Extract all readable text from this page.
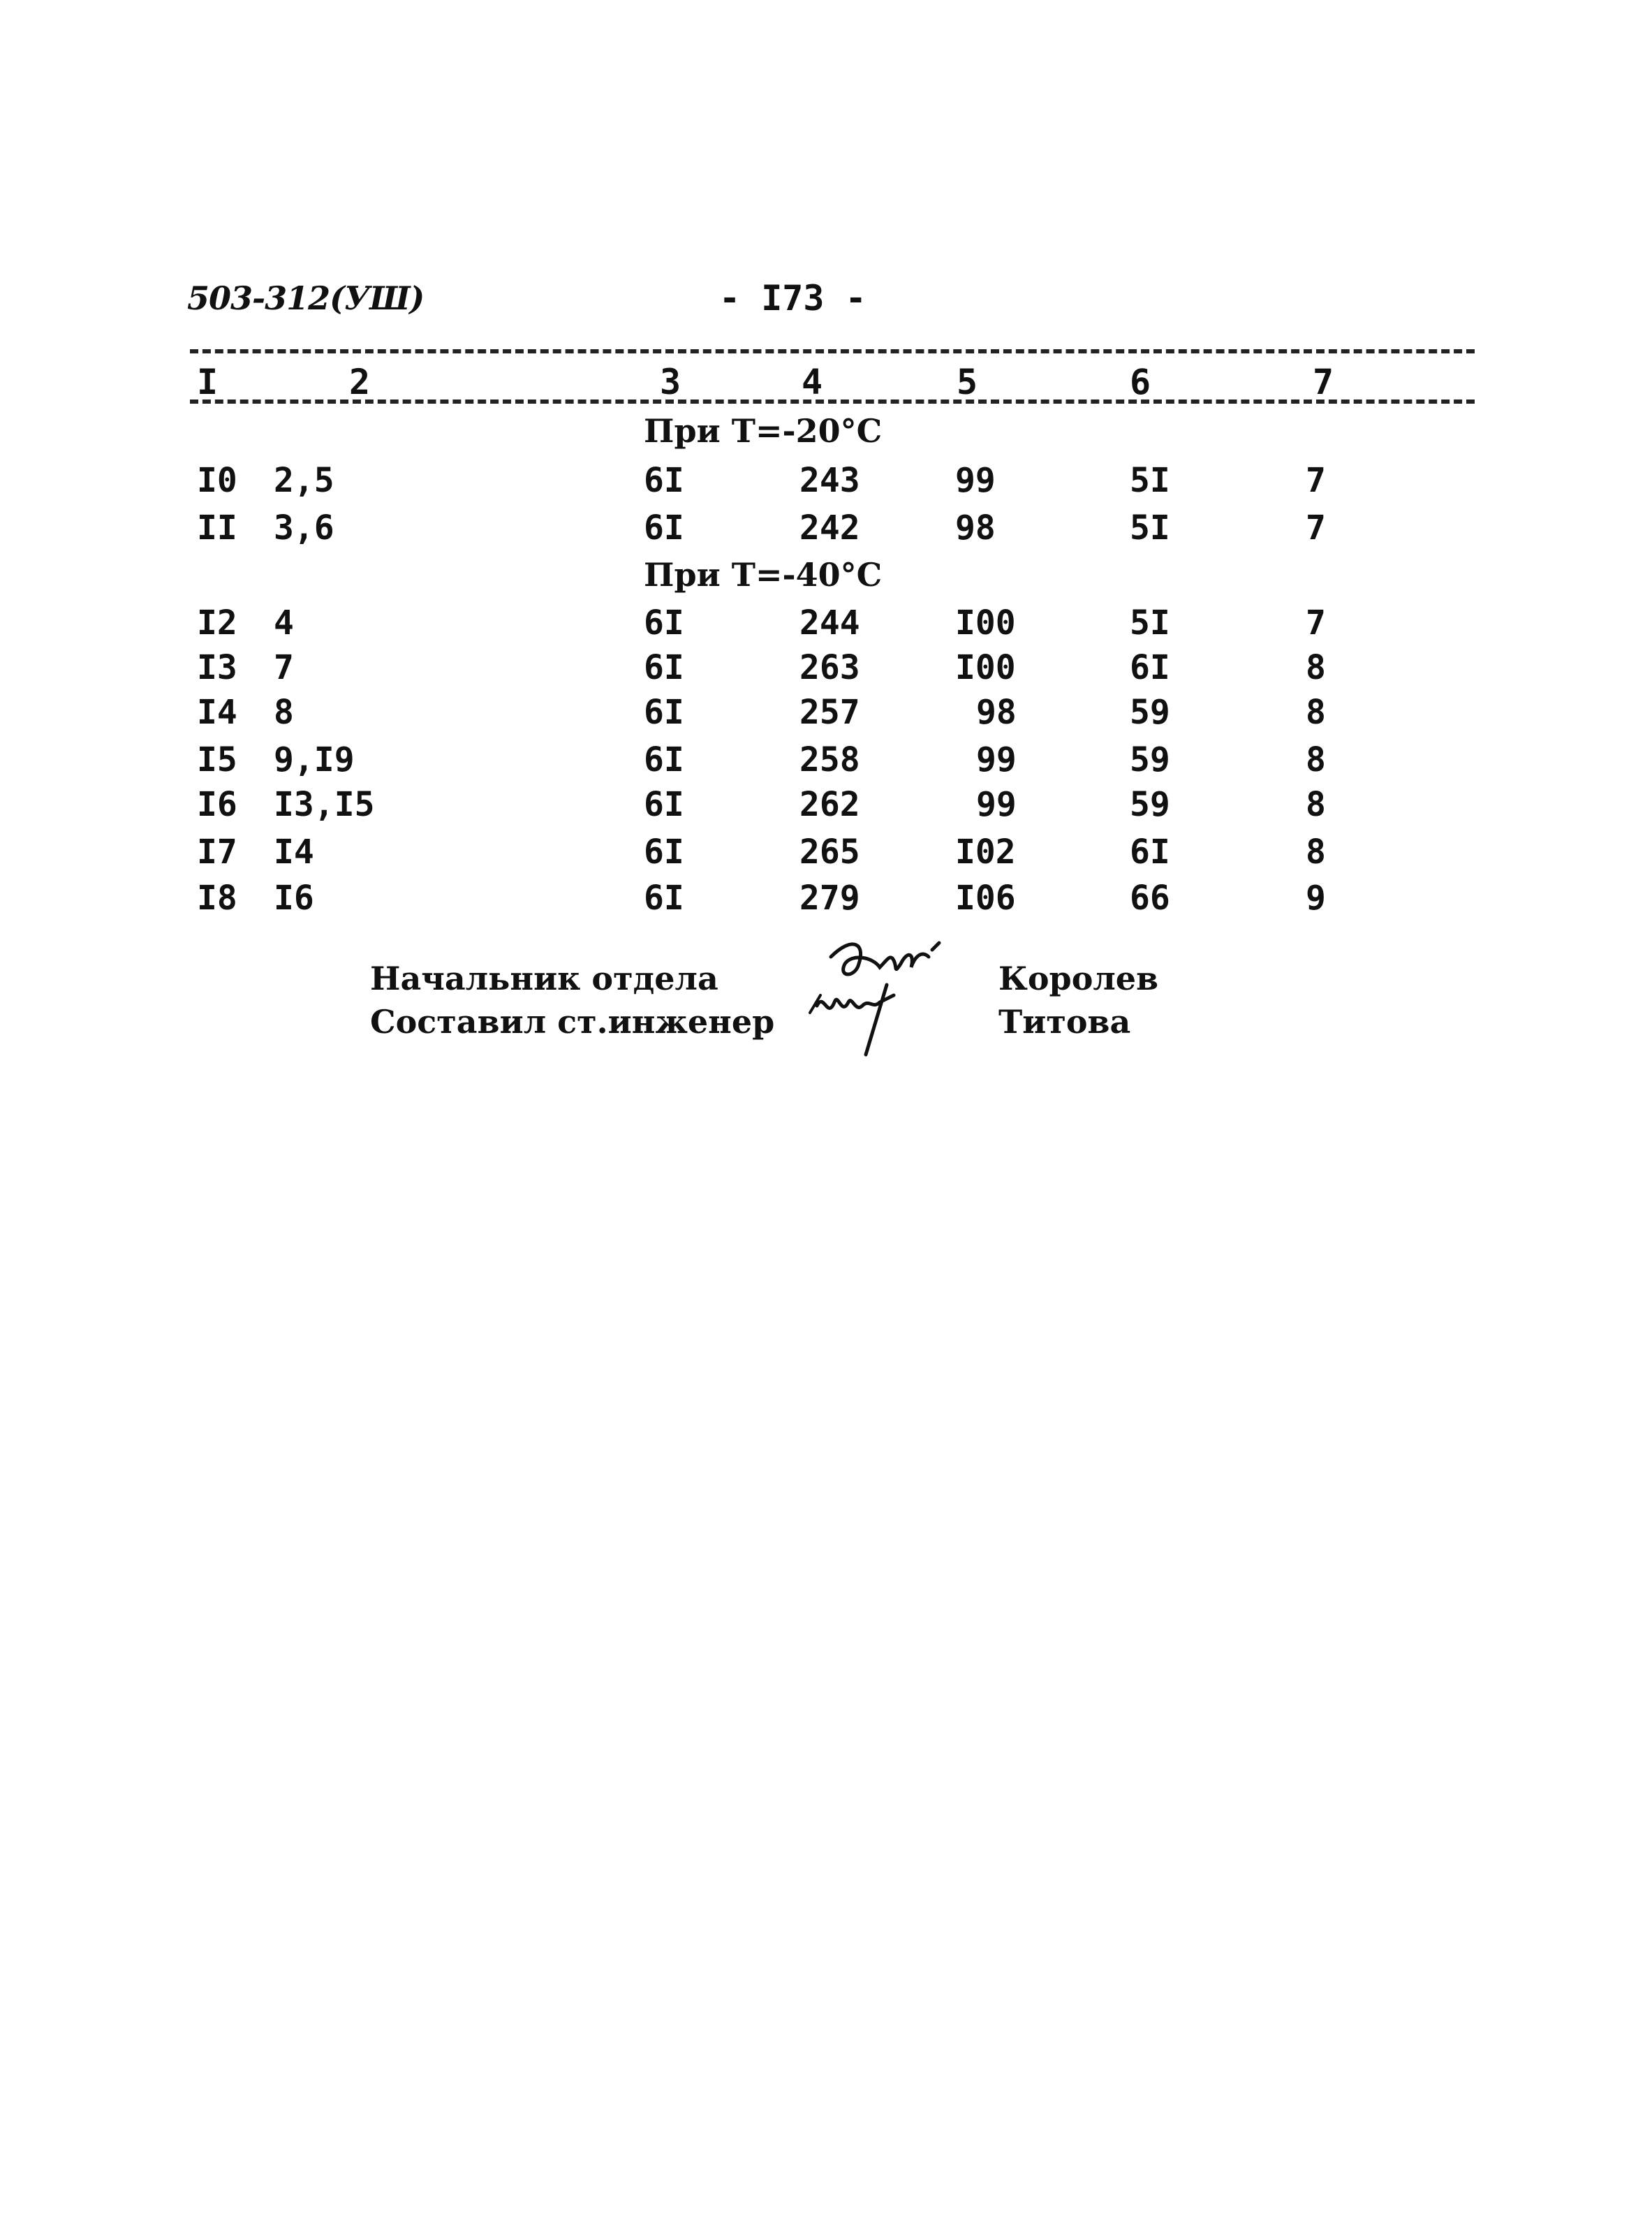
503-312(УШ)	- I73 -
I	2	3	4	5	6	7
При T=-20°С
I0 2,5	6I	243	99	5I	7
II 3,6	6I	242	98	5I	7
При T=-40°С
I2 4	6I	244	I00	5I	7
I3 7	6I	263	I00	6I	8
I4 8	6I	257	98	59	8
I5 9,I9	6I	258	99	59	8
I6 I3,I5	6I	262	99	59	8
I7 I4	6I	265	I02	6I	8
I8 I6	6I	279	I06	66	9
Начальник отдела
Составил ст.инженер
Королев
Титова
